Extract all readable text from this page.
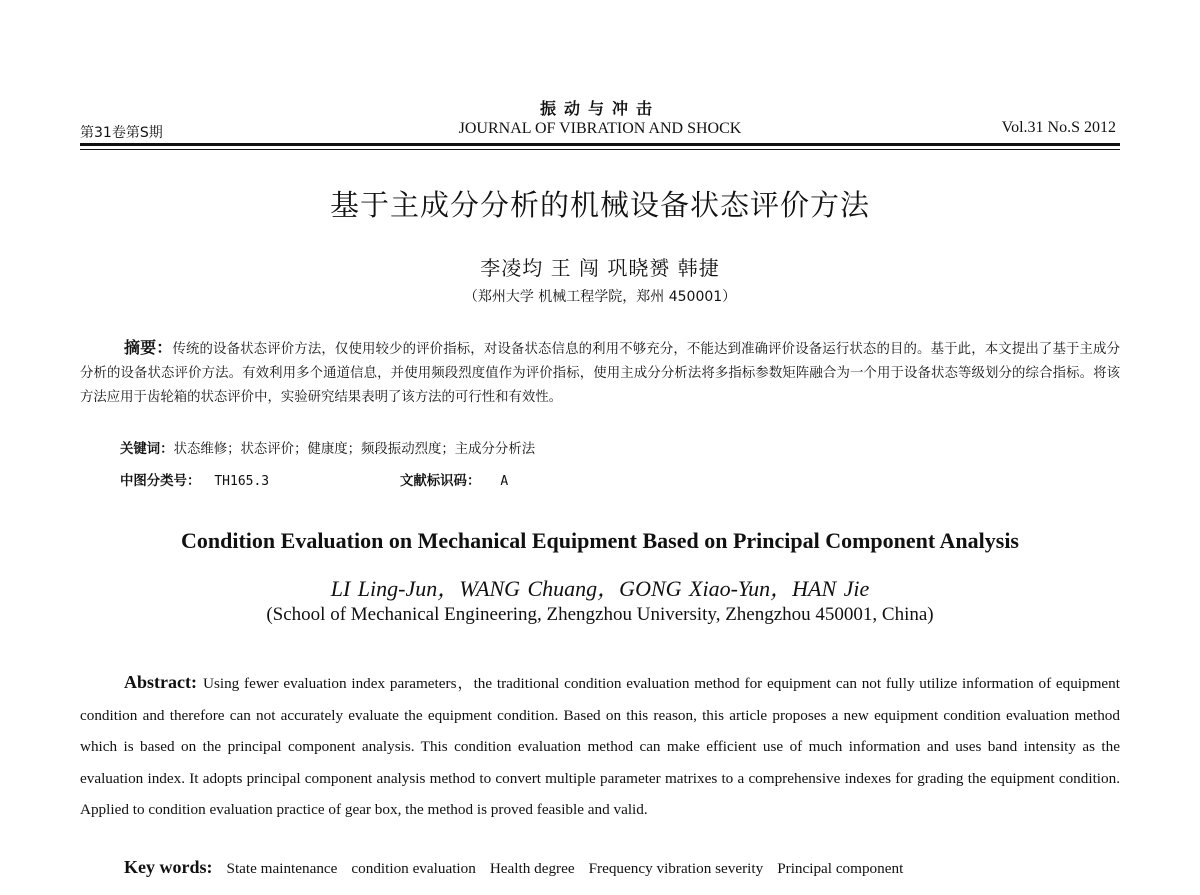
振动与冲击
JOURNAL OF VIBRATION AND SHOCK
第31卷第S期	Vol.31 No.S 2012
基于主成分分析的机械设备状态评价方法
李凌均 王 闯 巩晓赟 韩捷
（郑州大学 机械工程学院，郑州 450001）
摘要：传统的设备状态评价方法，仅使用较少的评价指标，对设备状态信息的利用不够充分，不能达到准确评价设备运行状态的目的。基于此，本文提出了基于主成分分析的设备状态评价方法。有效利用多个通道信息，并使用频段烈度值作为评价指标，使用主成分分析法将多指标参数矩阵融合为一个用于设备状态等级划分的综合指标。将该方法应用于齿轮箱的状态评价中，实验研究结果表明了该方法的可行性和有效性。
关键词：状态维修；状态评价；健康度；频段振动烈度；主成分分析法
中图分类号： TH165.3	文献标识码： A
Condition Evaluation on Mechanical Equipment Based on Principal Component Analysis
LI Ling-Jun，WANG Chuang，GONG Xiao-Yun，HAN Jie
(School of Mechanical Engineering, Zhengzhou University, Zhengzhou 450001, China)
Abstract: Using fewer evaluation index parameters，the traditional condition evaluation method for equipment can not fully utilize information of equipment condition and therefore can not accurately evaluate the equipment condition. Based on this reason, this article proposes a new equipment condition evaluation method which is based on the principal component analysis. This condition evaluation method can make efficient use of much information and uses band intensity as the evaluation index. It adopts principal component analysis method to convert multiple parameter matrixes to a comprehensive indexes for grading the equipment condition. Applied to condition evaluation practice of gear box, the method is proved feasible and valid.
Key words: State maintenance condition evaluation Health degree Frequency vibration severity Principal component
